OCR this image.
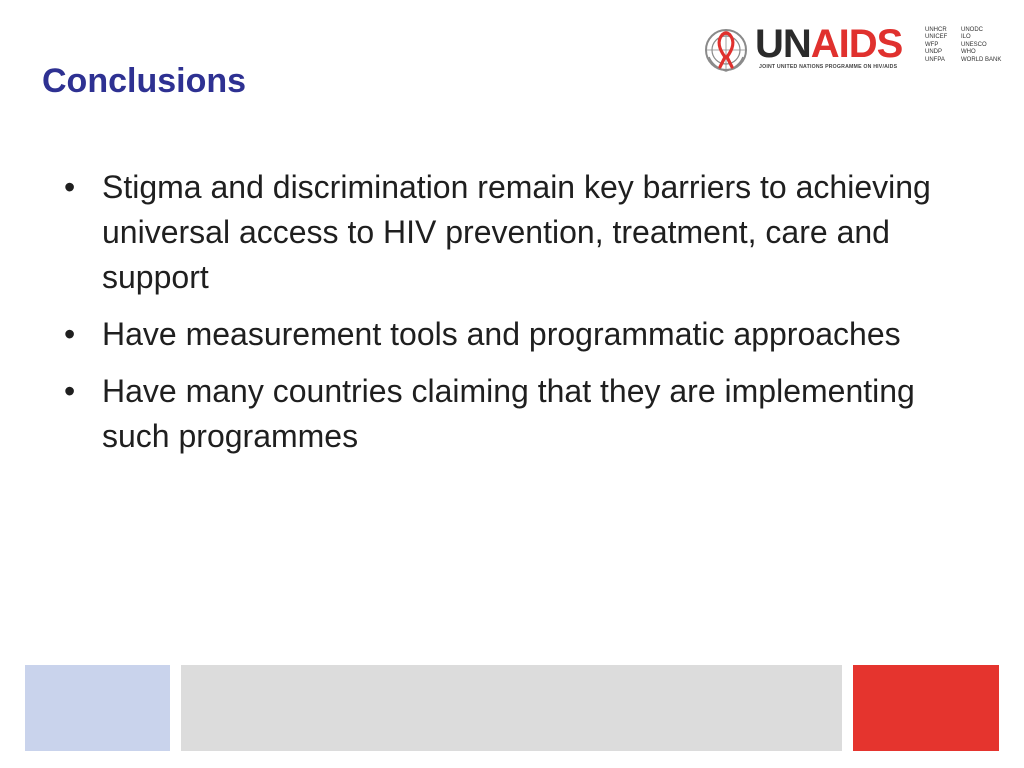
Conclusions
UNAIDS
JOINT UNITED NATIONS PROGRAMME ON HIV/AIDS
UNHCR
UNICEF
WFP
UNDP
UNFPA
UNODC
ILO
UNESCO
WHO
WORLD BANK
• Stigma and discrimination remain key barriers to achieving universal access to HIV prevention, treatment, care and support
• Have measurement tools and programmatic approaches
• Have many countries claiming that they are implementing such programmes
